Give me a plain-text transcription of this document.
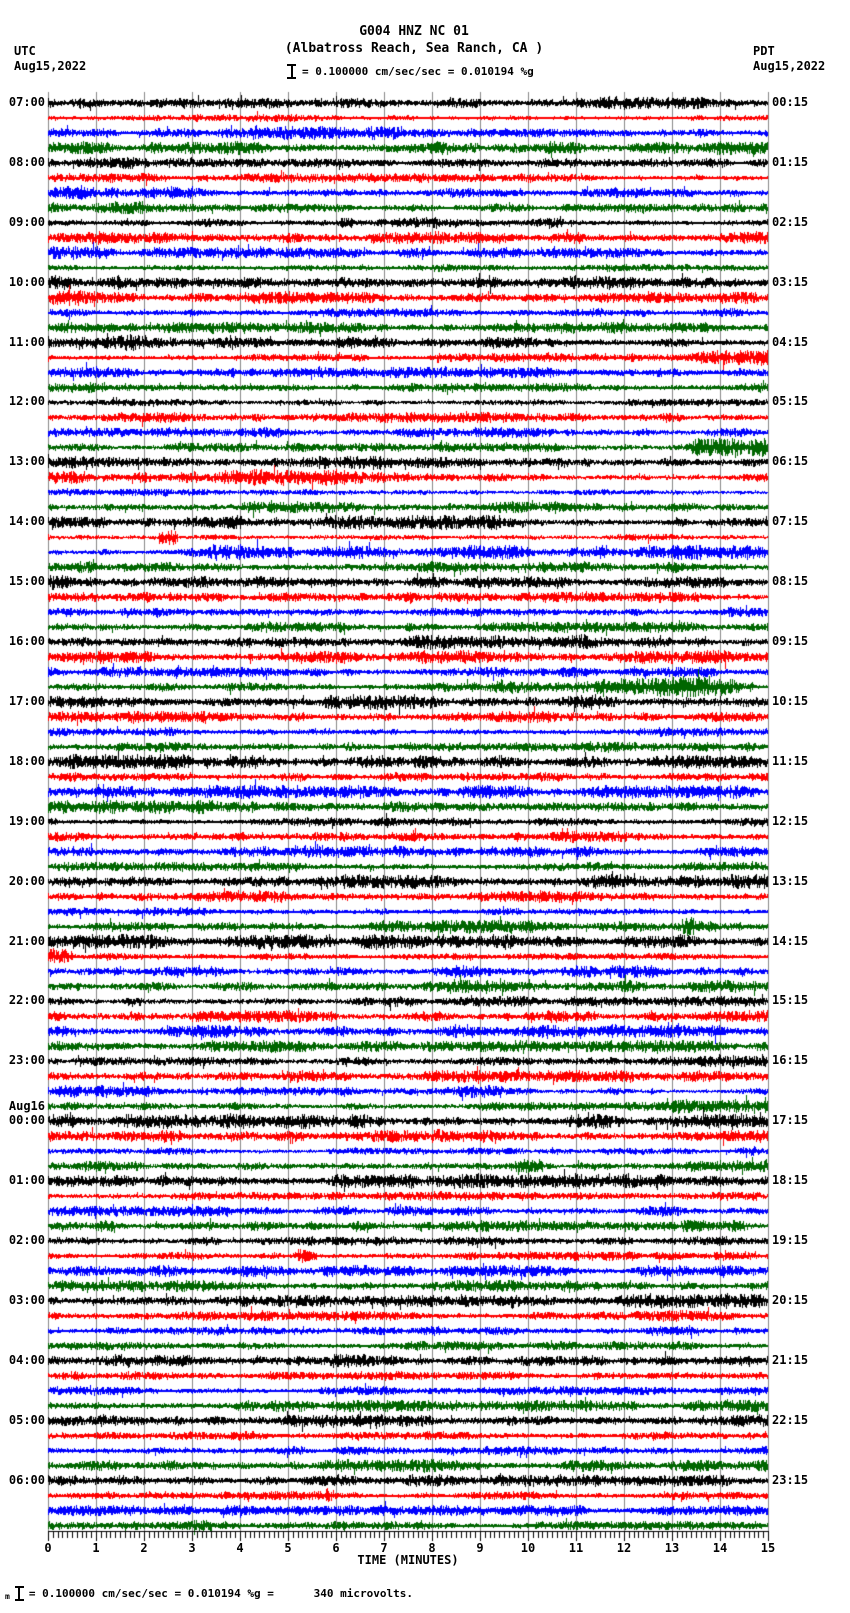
G004 HNZ NC 01
(Albatross Reach, Sea Ranch, CA )
UTC
Aug15,2022
PDT
Aug15,2022
= 0.100000 cm/sec/sec = 0.010194 %g
07:00
08:00
09:00
10:00
11:00
12:00
13:00
14:00
15:00
16:00
17:00
18:00
19:00
20:00
21:00
22:00
23:00
00:00
Aug16
01:00
02:00
03:00
04:00
05:00
06:00
00:15
01:15
02:15
03:15
04:15
05:15
06:15
07:15
08:15
09:15
10:15
11:15
12:15
13:15
14:15
15:15
16:15
17:15
18:15
19:15
20:15
21:15
22:15
23:15
0	1	2	3	4	5	6	7	8	9	10	11	12	13	14	15
TIME (MINUTES)
m = 0.100000 cm/sec/sec = 0.010194 %g =      340 microvolts.
